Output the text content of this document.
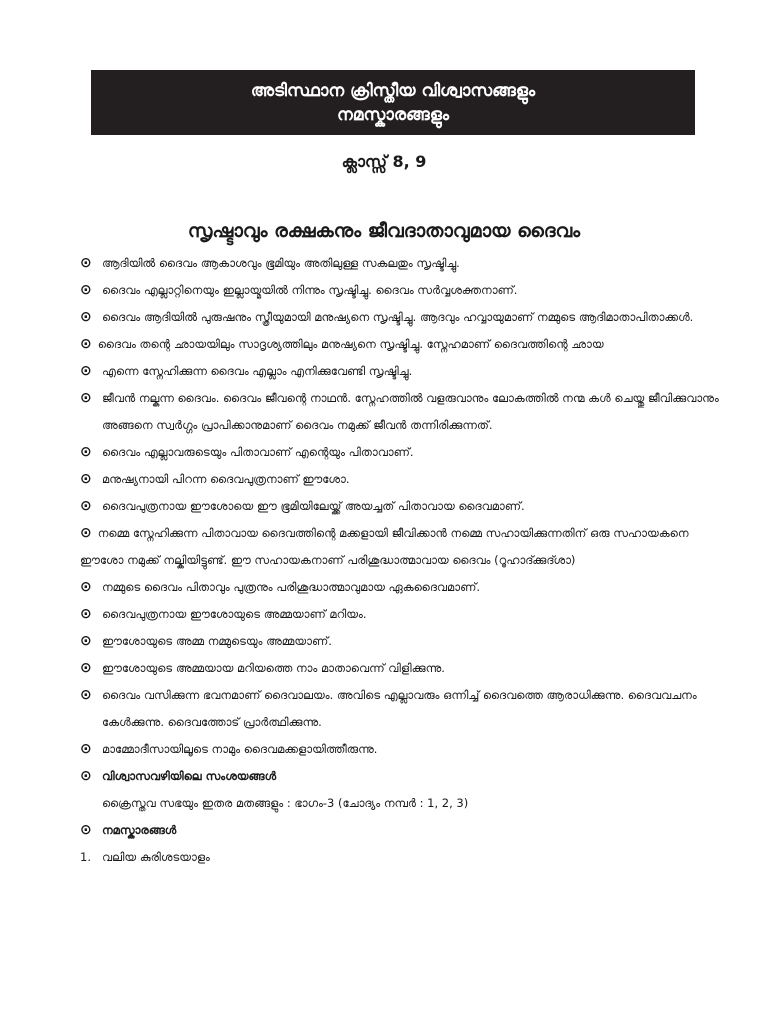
അടിസ്ഥാന ക്രിസ്തീയ വിശ്വാസങ്ങളും
നമസ്കാരങ്ങളും
ക്ലാസ്സ് 8, 9
സൃഷ്ടാവും രക്ഷകനും ജീവദാതാവുമായ ദൈവം
⊙ ആദിയിൽ ദൈവം ആകാശവും ഭൂമിയും അതിലുള്ള സകലതും സൃഷ്ടിച്ചു.
⊙ ദൈവം എല്ലാറ്റിനെയും ഇല്ലായ്മയിൽ നിന്നും സൃഷ്ടിച്ചു. ദൈവം സർവ്വശക്തനാണ്.
⊙ ദൈവം ആദിയിൽ പുരുഷനും സ്ത്രീയുമായി മനുഷ്യനെ സൃഷ്ടിച്ചു. ആദവും ഹവ്വായുമാണ് നമ്മുടെ ആദിമാതാപിതാക്കൾ.
⊙ ദൈവം തന്റെ ഛായയിലും സാദൃശ്യത്തിലും മനുഷ്യനെ സൃഷ്ടിച്ചു. സ്നേഹമാണ് ദൈവത്തിന്റെ ഛായ
⊙ എന്നെ സ്നേഹിക്കുന്ന ദൈവം എല്ലാം എനിക്കുവേണ്ടി സൃഷ്ടിച്ചു.
⊙ ജീവൻ നല്കുന്ന ദൈവം. ദൈവം ജീവന്റെ നാഥൻ. സ്നേഹത്തിൽ വളരുവാനും ലോകത്തിൽ നന്മ കൾ ചെയ്തു ജീവിക്കുവാനും അങ്ങനെ സ്വർഗ്ഗം പ്രാപിക്കാനുമാണ് ദൈവം നമുക്ക് ജീവൻ തന്നിരിക്കുന്നത്.
⊙ ദൈവം എല്ലാവരുടെയും പിതാവാണ് എന്റെയും പിതാവാണ്.
⊙ മനുഷ്യനായി പിറന്ന ദൈവപുത്രനാണ് ഈശോ.
⊙ ദൈവപുത്രനായ ഈശോയെ ഈ ഭൂമിയിലേയ്ക്ക് അയച്ചത് പിതാവായ ദൈവമാണ്.
⊙ നമ്മെ സ്നേഹിക്കുന്ന പിതാവായ ദൈവത്തിന്റെ മക്കളായി ജീവിക്കാൻ നമ്മെ സഹായിക്കുന്നതിന് ഒരു സഹായകനെ ഈശോ നമുക്ക് നല്കിയിട്ടുണ്ട്. ഈ സഹായകനാണ് പരിശുദ്ധാത്മാവായ ദൈവം (റൂഹാദ്ക്കുദ്ശാ)
⊙ നമ്മുടെ ദൈവം പിതാവും പുത്രനും പരിശുദ്ധാത്മാവുമായ ഏകദൈവമാണ്.
⊙ ദൈവപുത്രനായ ഈശോയുടെ അമ്മയാണ് മറിയം.
⊙ ഈശോയുടെ അമ്മ നമ്മുടെയും അമ്മയാണ്.
⊙ ഈശോയുടെ അമ്മയായ മറിയത്തെ നാം മാതാവെന്ന് വിളിക്കുന്നു.
⊙ ദൈവം വസിക്കുന്ന ഭവനമാണ് ദൈവാലയം. അവിടെ എല്ലാവരും ഒന്നിച്ച് ദൈവത്തെ ആരാധിക്കുന്നു. ദൈവവചനം കേൾക്കുന്നു. ദൈവത്തോട് പ്രാർത്ഥിക്കുന്നു.
⊙ മാമ്മോദീസായിലൂടെ നാമും ദൈവമക്കളായിത്തീരുന്നു.
⊙ വിശ്വാസവഴിയിലെ സംശയങ്ങൾ
ക്രൈസ്തവ സഭയും ഇതര മതങ്ങളും : ഭാഗം-3 (ചോദ്യം നമ്പർ : 1, 2, 3)
⊙ നമസ്കാരങ്ങൾ
1. വലിയ കുരിശടയാളം
